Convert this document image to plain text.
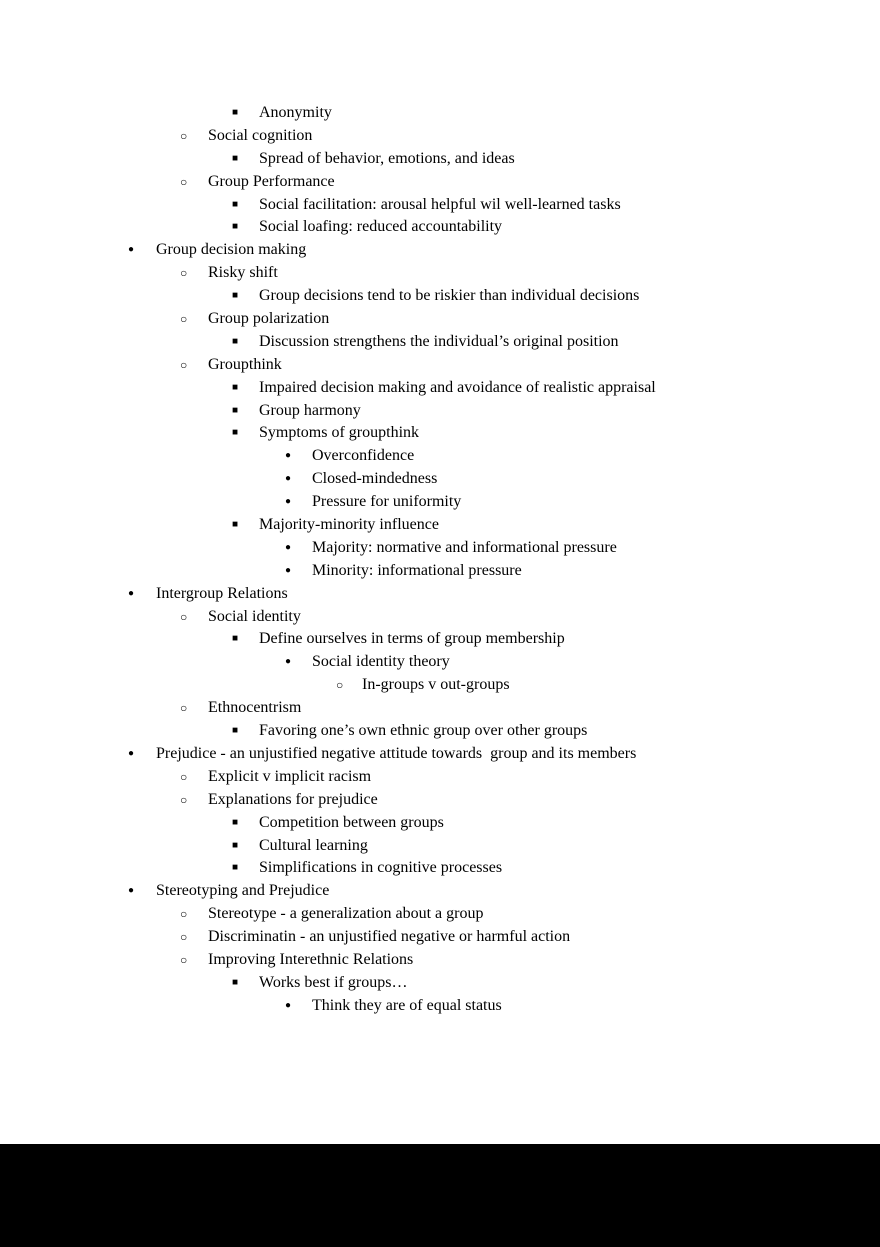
■ Anonymity
○ Social cognition
■ Spread of behavior, emotions, and ideas
○ Group Performance
■ Social facilitation: arousal helpful wil well-learned tasks
■ Social loafing: reduced accountability
● Group decision making
○ Risky shift
■ Group decisions tend to be riskier than individual decisions
○ Group polarization
■ Discussion strengthens the individual’s original position
○ Groupthink
■ Impaired decision making and avoidance of realistic appraisal
■ Group harmony
■ Symptoms of groupthink
● Overconfidence
● Closed-mindedness
● Pressure for uniformity
■ Majority-minority influence
● Majority: normative and informational pressure
● Minority: informational pressure
● Intergroup Relations
○ Social identity
■ Define ourselves in terms of group membership
● Social identity theory
○ In-groups v out-groups
○ Ethnocentrism
■ Favoring one’s own ethnic group over other groups
● Prejudice - an unjustified negative attitude towards  group and its members
○ Explicit v implicit racism
○ Explanations for prejudice
■ Competition between groups
■ Cultural learning
■ Simplifications in cognitive processes
● Stereotyping and Prejudice
○ Stereotype - a generalization about a group
○ Discriminatin - an unjustified negative or harmful action
○ Improving Interethnic Relations
■ Works best if groups…
● Think they are of equal status
